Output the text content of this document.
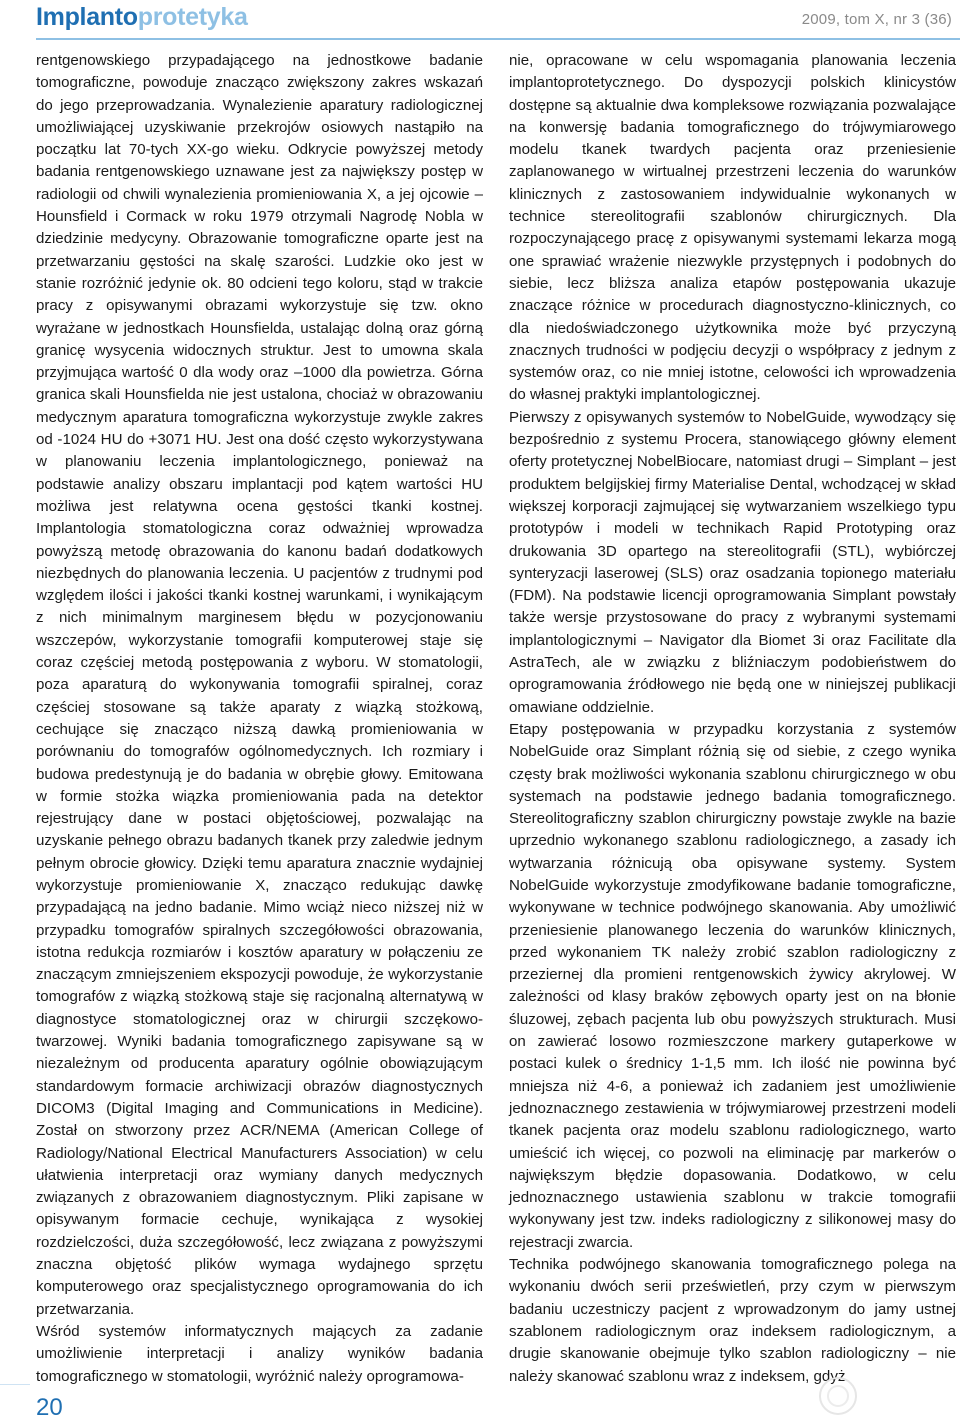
Implantoprotetyka	2009, tom X, nr 3 (36)

rentgenowskiego przypadającego na jednostkowe badanie tomograficzne, powoduje znacząco zwiększony zakres wskazań do jego przeprowadzania. Wynalezienie aparatury radiologicznej umożliwiającej uzyskiwanie przekrojów osiowych nastąpiło na początku lat 70-tych XX-go wieku. Odkrycie powyższej metody badania rentgenowskiego uznawane jest za największy postęp w radiologii od chwili wynalezienia promieniowania X, a jej ojcowie – Hounsfield i Cormack w roku 1979 otrzymali Nagrodę Nobla w dziedzinie medycyny. Obrazowanie tomograficzne oparte jest na przetwarzaniu gęstości na skalę szarości. Ludzkie oko jest w stanie rozróżnić jedynie ok. 80 odcieni tego koloru, stąd w trakcie pracy z opisywanymi obrazami wykorzystuje się tzw. okno wyrażane w jednostkach Hounsfielda, ustalając dolną oraz górną granicę wysycenia widocznych struktur. Jest to umowna skala przyjmująca wartość 0 dla wody oraz –1000 dla powietrza. Górna granica skali Hounsfielda nie jest ustalona, chociaż w obrazowaniu medycznym aparatura tomograficzna wykorzystuje zwykle zakres od -1024 HU do +3071 HU. Jest ona dość często wykorzystywana w planowaniu leczenia implantologicznego, ponieważ na podstawie analizy obszaru implantacji pod kątem wartości HU możliwa jest relatywna ocena gęstości tkanki kostnej. Implantologia stomatologiczna coraz odważniej wprowadza powyższą metodę obrazowania do kanonu badań dodatkowych niezbędnych do planowania leczenia. U pacjentów z trudnymi pod względem ilości i jakości tkanki kostnej warunkami, i wynikającym z nich minimalnym marginesem błędu w pozycjonowaniu wszczepów, wykorzystanie tomografii komputerowej staje się coraz częściej metodą postępowania z wyboru. W stomatologii, poza aparaturą do wykonywania tomografii spiralnej, coraz częściej stosowane są także aparaty z wiązką stożkową, cechujące się znacząco niższą dawką promieniowania w porównaniu do tomografów ogólnomedycznych. Ich rozmiary i budowa predestynują je do badania w obrębie głowy. Emitowana w formie stożka wiązka promieniowania pada na detektor rejestrujący dane w postaci objętościowej, pozwalając na uzyskanie pełnego obrazu badanych tkanek przy zaledwie jednym pełnym obrocie głowicy. Dzięki temu aparatura znacznie wydajniej wykorzystuje promieniowanie X, znacząco redukując dawkę przypadającą na jedno badanie. Mimo wciąż nieco niższej niż w przypadku tomografów spiralnych szczegółowości obrazowania, istotna redukcja rozmiarów i kosztów aparatury w połączeniu ze znaczącym zmniejszeniem ekspozycji powoduje, że wykorzystanie tomografów z wiązką stożkową staje się racjonalną alternatywą w diagnostyce stomatologicznej oraz w chirurgii szczękowo-twarzowej. Wyniki badania tomograficznego zapisywane są w niezależnym od producenta aparatury ogólnie obowiązującym standardowym formacie archiwizacji obrazów diagnostycznych DICOM3 (Digital Imaging and Communications in Medicine). Został on stworzony przez ACR/NEMA (American College of Radiology/National Electrical Manufacturers Association) w celu ułatwienia interpretacji oraz wymiany danych medycznych związanych z obrazowaniem diagnostycznym. Pliki zapisane w opisywanym formacie cechuje, wynikająca z wysokiej rozdzielczości, duża szczegółowość, lecz związana z powyższymi znaczna objętość plików wymaga wydajnego sprzętu komputerowego oraz specjalistycznego oprogramowania do ich przetwarzania.

Wśród systemów informatycznych mających za zadanie umożliwienie interpretacji i analizy wyników badania tomograficznego w stomatologii, wyróżnić należy oprogramowa-

nie, opracowane w celu wspomagania planowania leczenia implantoprotetycznego. Do dyspozycji polskich klinicystów dostępne są aktualnie dwa kompleksowe rozwiązania pozwalające na konwersję badania tomograficznego do trójwymiarowego modelu tkanek twardych pacjenta oraz przeniesienie zaplanowanego w wirtualnej przestrzeni leczenia do warunków klinicznych z zastosowaniem indywidualnie wykonanych w technice stereolitografii szablonów chirurgicznych. Dla rozpoczynającego pracę z opisywanymi systemami lekarza mogą one sprawiać wrażenie niezwykle przystępnych i podobnych do siebie, lecz bliższa analiza etapów postępowania ukazuje znaczące różnice w procedurach diagnostyczno-klinicznych, co dla niedoświadczonego użytkownika może być przyczyną znacznych trudności w podjęciu decyzji o współpracy z jednym z systemów oraz, co nie mniej istotne, celowości ich wprowadzenia do własnej praktyki implantologicznej.

Pierwszy z opisywanych systemów to NobelGuide, wywodzący się bezpośrednio z systemu Procera, stanowiącego główny element oferty protetycznej NobelBiocare, natomiast drugi – Simplant – jest produktem belgijskiej firmy Materialise Dental, wchodzącej w skład większej korporacji zajmującej się wytwarzaniem wszelkiego typu prototypów i modeli w technikach Rapid Prototyping oraz drukowania 3D opartego na stereolitografii (STL), wybiórczej synteryzacji laserowej (SLS) oraz osadzania topionego materiału (FDM). Na podstawie licencji oprogramowania Simplant powstały także wersje przystosowane do pracy z wybranymi systemami implantologicznymi – Navigator dla Biomet 3i oraz Facilitate dla AstraTech, ale w związku z bliźniaczym podobieństwem do oprogramowania źródłowego nie będą one w niniejszej publikacji omawiane oddzielnie.

Etapy postępowania w przypadku korzystania z systemów NobelGuide oraz Simplant różnią się od siebie, z czego wynika częsty brak możliwości wykonania szablonu chirurgicznego w obu systemach na podstawie jednego badania tomograficznego. Stereolitograficzny szablon chirurgiczny powstaje zwykle na bazie uprzednio wykonanego szablonu radiologicznego, a zasady ich wytwarzania różnicują oba opisywane systemy. System NobelGuide wykorzystuje zmodyfikowane badanie tomograficzne, wykonywane w technice podwójnego skanowania. Aby umożliwić przeniesienie planowanego leczenia do warunków klinicznych, przed wykonaniem TK należy zrobić szablon radiologiczny z przezierneј dla promieni rentgenowskich żywicy akrylowej. W zależności od klasy braków zębowych oparty jest on na błonie śluzowej, zębach pacjenta lub obu powyższych strukturach. Musi on zawierać losowo rozmieszczone markery gutaperkowe w postaci kulek o średnicy 1-1,5 mm. Ich ilość nie powinna być mniejsza niż 4-6, a ponieważ ich zadaniem jest umożliwienie jednoznacznego zestawienia w trójwymiarowej przestrzeni modeli tkanek pacjenta oraz modelu szablonu radiologicznego, warto umieścić ich więcej, co pozwoli na eliminację par markerów o największym błędzie dopasowania. Dodatkowo, w celu jednoznacznego ustawienia szablonu w trakcie tomografii wykonywany jest tzw. indeks radiologiczny z silikonowej masy do rejestracji zwarcia.

Technika podwójnego skanowania tomograficznego polega na wykonaniu dwóch serii prześwietleń, przy czym w pierwszym badaniu uczestniczy pacjent z wprowadzonym do jamy ustnej szablonem radiologicznym oraz indeksem radiologicznym, a drugie skanowanie obejmuje tylko szablon radiologiczny – nie należy skanować szablonu wraz z indeksem, gdyż

20
